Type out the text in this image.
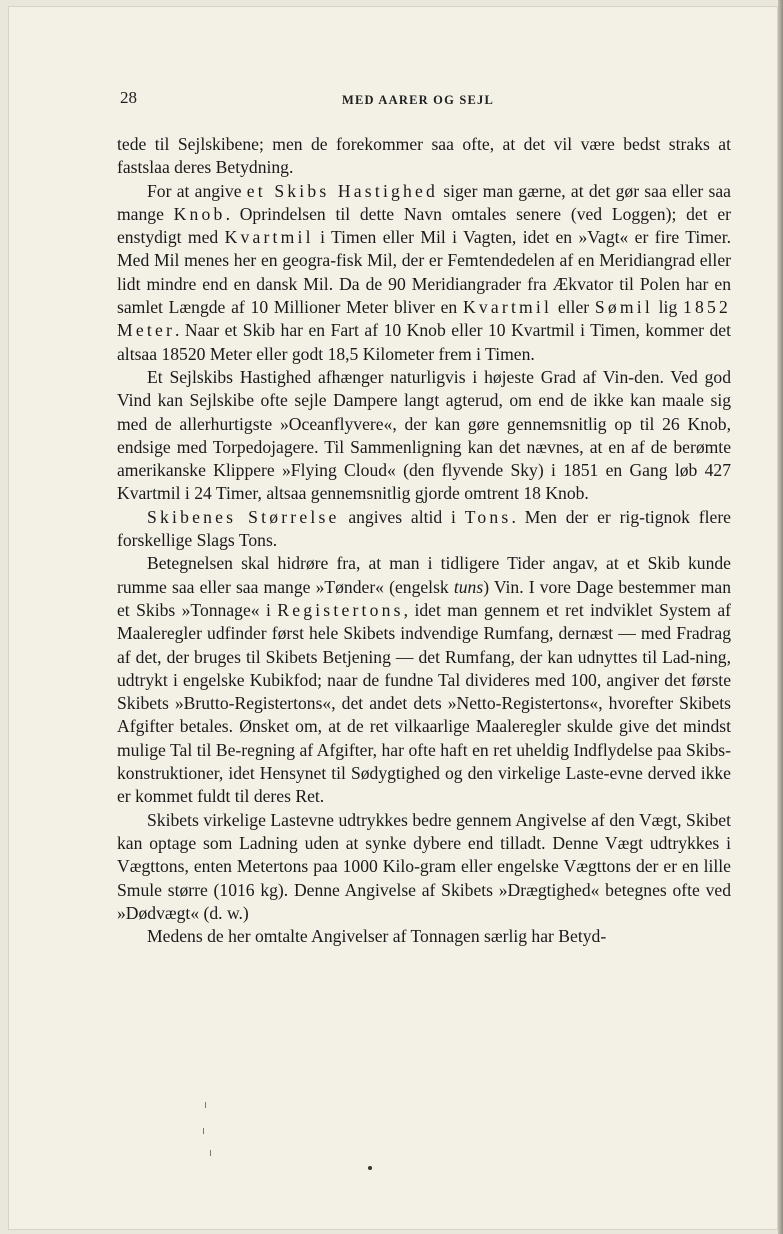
28	MED AARER OG SEJL

tede til Sejlskibene; men de forekommer saa ofte, at det vil være bedst straks at fastslaa deres Betydning.

For at angive et Skibs Hastighed siger man gærne, at det gør saa eller saa mange Knob. Oprindelsen til dette Navn omtales senere (ved Loggen); det er enstydigt med Kvartmil i Timen eller Mil i Vagten, idet en »Vagt« er fire Timer. Med Mil menes her en geogra-fisk Mil, der er Femtendedelen af en Meridiangrad eller lidt mindre end en dansk Mil. Da de 90 Meridiangrader fra Ækvator til Polen har en samlet Længde af 10 Millioner Meter bliver en Kvartmil eller Sømil lig 1852 Meter. Naar et Skib har en Fart af 10 Knob eller 10 Kvartmil i Timen, kommer det altsaa 18520 Meter eller godt 18,5 Kilometer frem i Timen.

Et Sejlskibs Hastighed afhænger naturligvis i højeste Grad af Vin-den. Ved god Vind kan Sejlskibe ofte sejle Dampere langt agterud, om end de ikke kan maale sig med de allerhurtigste »Oceanflyvere«, der kan gøre gennemsnitlig op til 26 Knob, endsige med Torpedojagere. Til Sammenligning kan det nævnes, at en af de berømte amerikanske Klippere »Flying Cloud« (den flyvende Sky) i 1851 en Gang løb 427 Kvartmil i 24 Timer, altsaa gennemsnitlig gjorde omtrent 18 Knob.

Skibenes Størrelse angives altid i Tons. Men der er rig-tignok flere forskellige Slags Tons.

Betegnelsen skal hidrøre fra, at man i tidligere Tider angav, at et Skib kunde rumme saa eller saa mange »Tønder« (engelsk tuns) Vin. I vore Dage bestemmer man et Skibs »Tonnage« i Registertons, idet man gennem et ret indviklet System af Maaleregler udfinder først hele Skibets indvendige Rumfang, dernæst — med Fradrag af det, der bruges til Skibets Betjening — det Rumfang, der kan udnyttes til Lad-ning, udtrykt i engelske Kubikfod; naar de fundne Tal divideres med 100, angiver det første Skibets »Brutto-Registertons«, det andet dets »Netto-Registertons«, hvorefter Skibets Afgifter betales. Ønsket om, at de ret vilkaarlige Maaleregler skulde give det mindst mulige Tal til Be-regning af Afgifter, har ofte haft en ret uheldig Indflydelse paa Skibs-konstruktioner, idet Hensynet til Sødygtighed og den virkelige Laste-evne derved ikke er kommet fuldt til deres Ret.

Skibets virkelige Lastevne udtrykkes bedre gennem Angivelse af den Vægt, Skibet kan optage som Ladning uden at synke dybere end tilladt. Denne Vægt udtrykkes i Vægttons, enten Metertons paa 1000 Kilo-gram eller engelske Vægttons der er en lille Smule større (1016 kg). Denne Angivelse af Skibets »Drægtighed« betegnes ofte ved »Dødvægt« (d. w.)

Medens de her omtalte Angivelser af Tonnagen særlig har Betyd-
